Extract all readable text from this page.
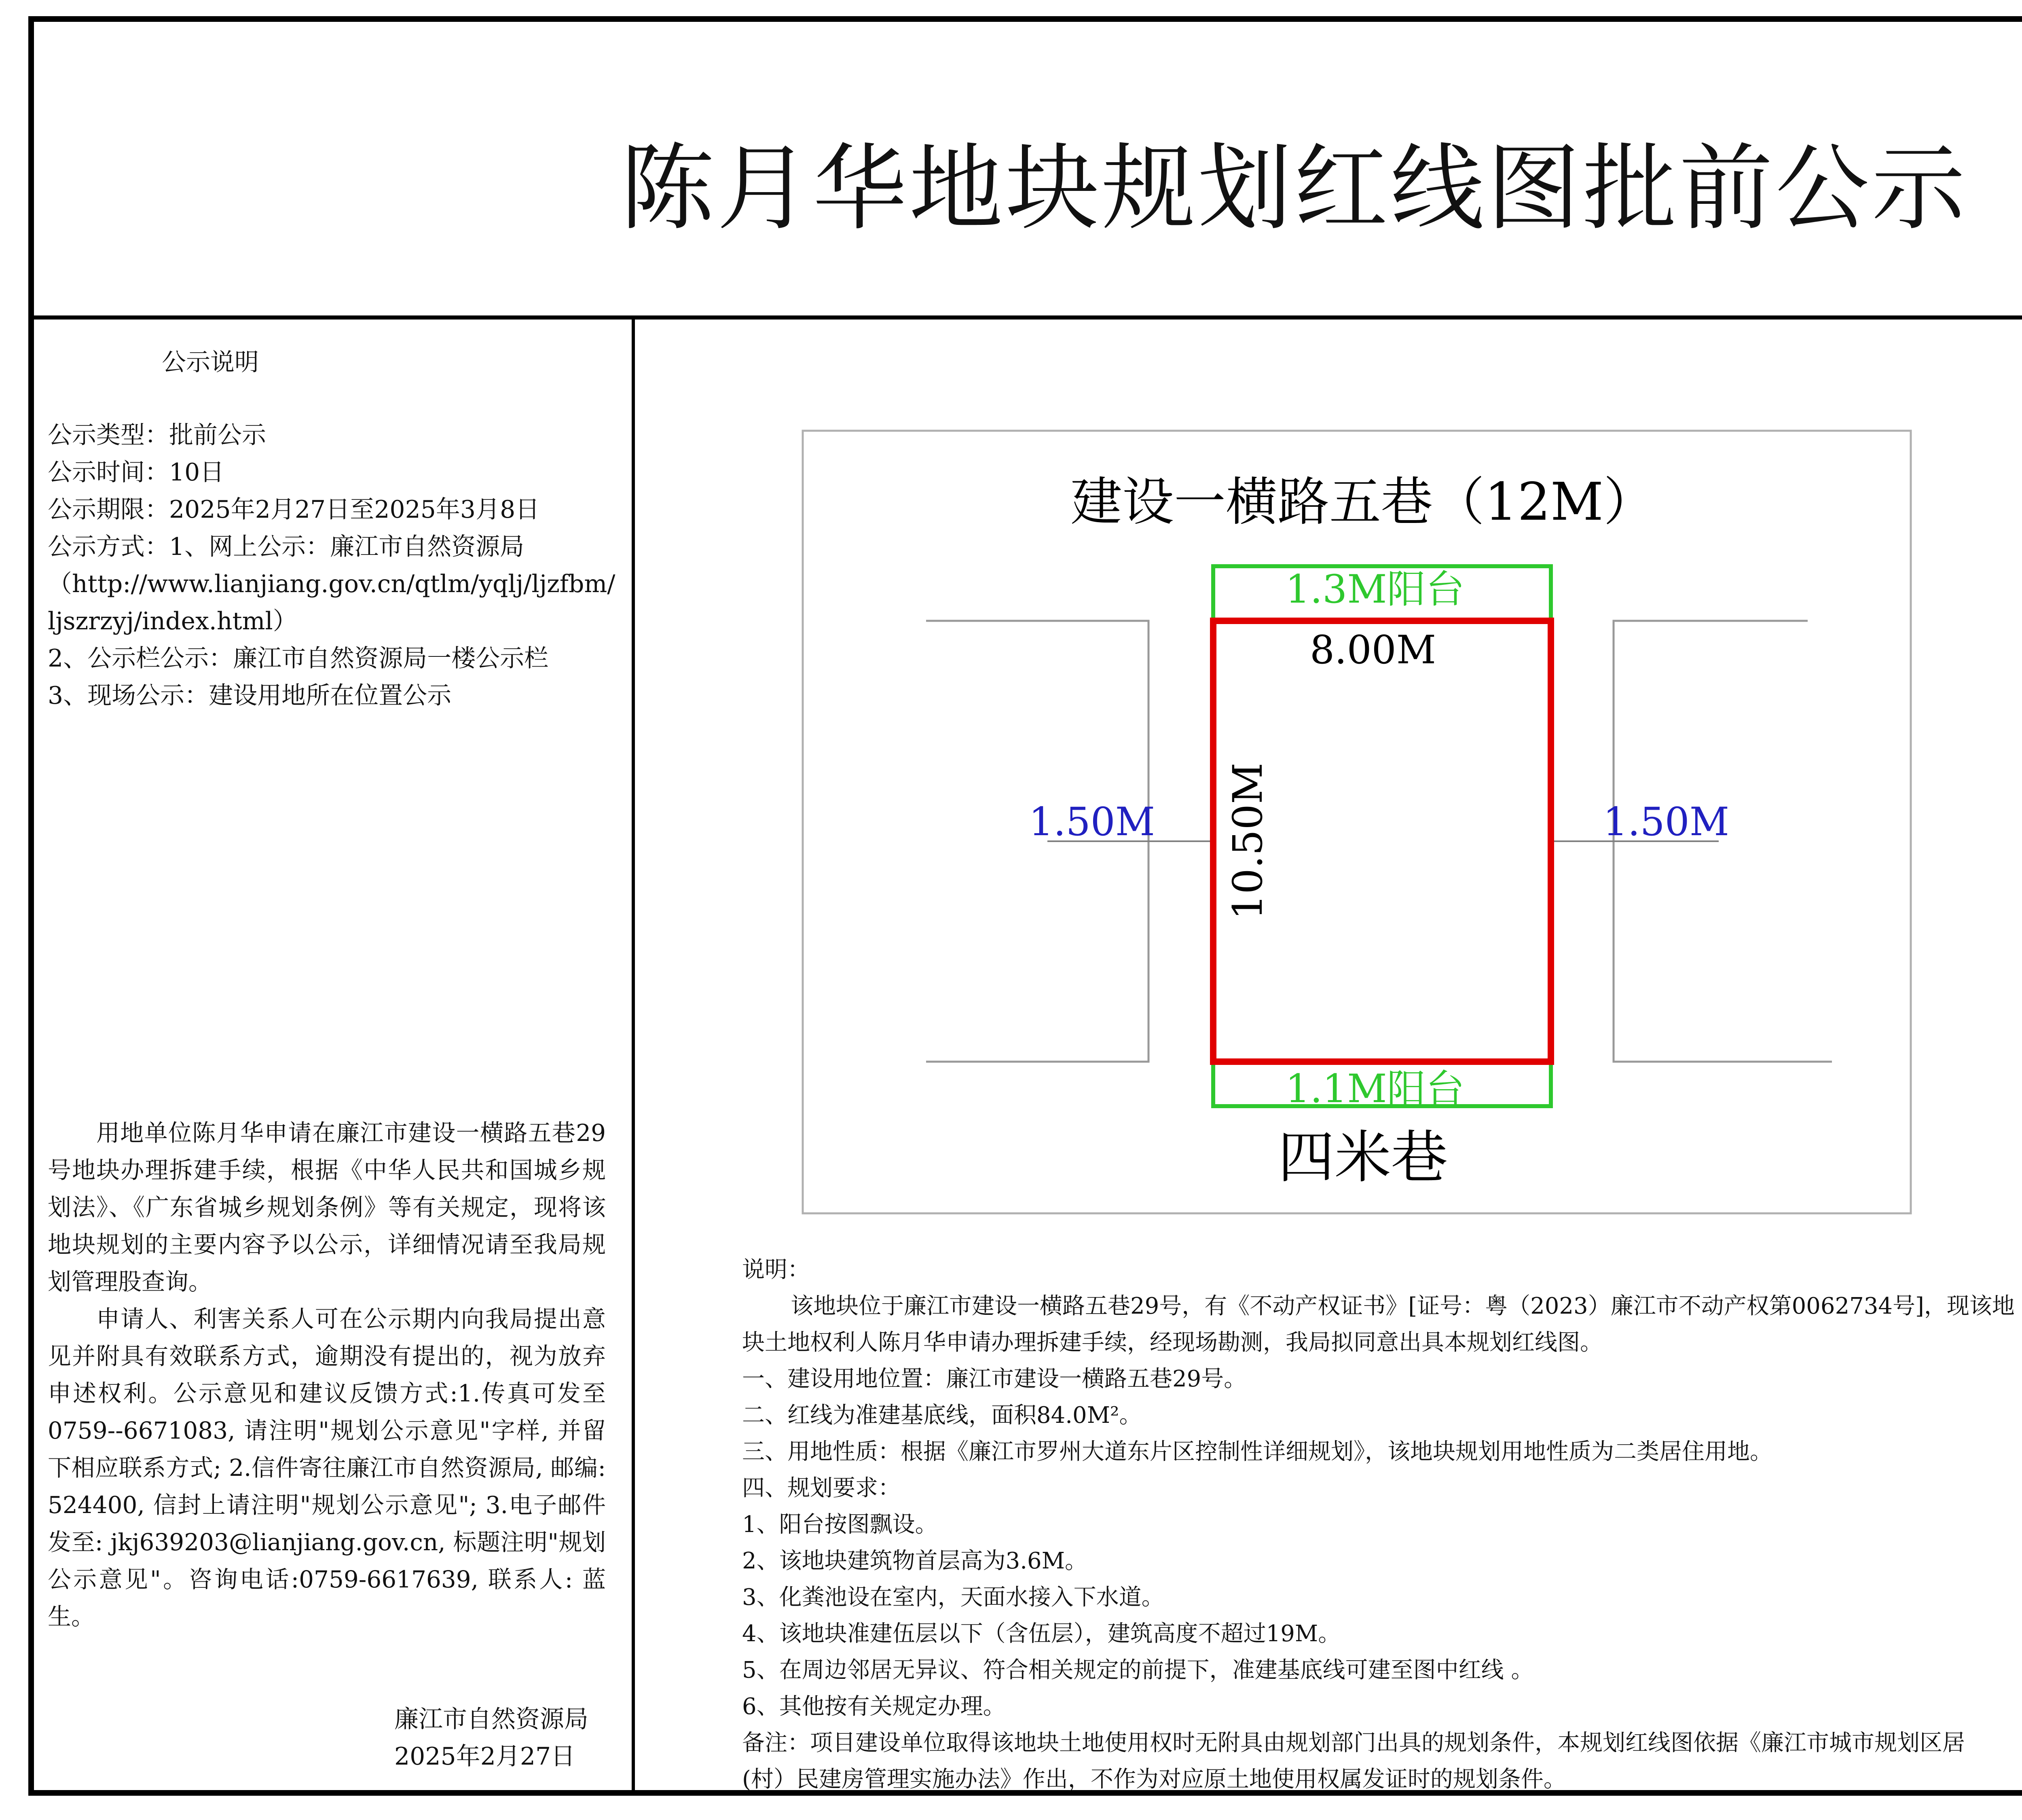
陈月华地块规划红线图批前公示
公示说明
公示类型：批前公示
公示时间：10日
公示期限：2025年2月27日至2025年3月8日
公示方式：1、网上公示：廉江市自然资源局
（http://www.lianjiang.gov.cn/qtlm/yqlj/ljzfbm/
ljszrzyj/index.html）
2、公示栏公示：廉江市自然资源局一楼公示栏
3、现场公示：建设用地所在位置公示

用地单位陈月华申请在廉江市建设一横路五巷29号地块办理拆建手续，根据《中华人民共和国城乡规划法》、《广东省城乡规划条例》等有关规定，现将该地块规划的主要内容予以公示，详细情况请至我局规划管理股查询。

申请人、利害关系人可在公示期内向我局提出意见并附具有效联系方式，逾期没有提出的，视为放弃申述权利。公示意见和建议反馈方式:1.传真可发至0759--6671083, 请注明"规划公示意见"字样, 并留下相应联系方式; 2.信件寄往廉江市自然资源局, 邮编: 524400, 信封上请注明"规划公示意见"; 3.电子邮件发至: jkj639203@lianjiang.gov.cn, 标题注明"规划公示意见"。咨询电话:0759-6617639, 联系人: 蓝生。

廉江市自然资源局
2025年2月27日
建设一横路五巷（12M）
四米巷
1.3M阳台
1.1M阳台
8.00M
10.50M
1.50M	1.50M
说明：
该地块位于廉江市建设一横路五巷29号，有《不动产权证书》[证号：粤（2023）廉江市不动产权第0062734号]，现该地
块土地权利人陈月华申请办理拆建手续，经现场勘测，我局拟同意出具本规划红线图。
一、建设用地位置：廉江市建设一横路五巷29号。
二、红线为准建基底线，面积84.0M²。
三、用地性质：根据《廉江市罗州大道东片区控制性详细规划》，该地块规划用地性质为二类居住用地。
四、规划要求：
1、阳台按图飘设。
2、该地块建筑物首层高为3.6M。
3、化粪池设在室内，天面水接入下水道。
4、该地块准建伍层以下（含伍层），建筑高度不超过19M。
5、在周边邻居无异议、符合相关规定的前提下，准建基底线可建至图中红线 。
6、其他按有关规定办理。
备注：项目建设单位取得该地块土地使用权时无附具由规划部门出具的规划条件，本规划红线图依据《廉江市城市规划区居
(村）民建房管理实施办法》作出，不作为对应原土地使用权属发证时的规划条件。
